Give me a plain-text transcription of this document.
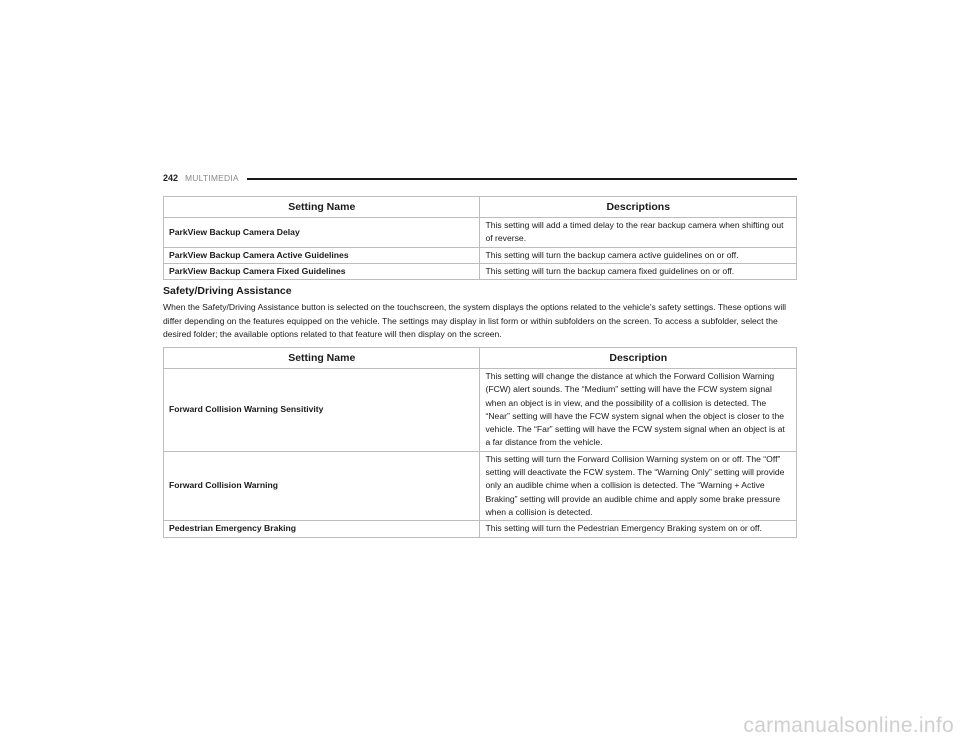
242 MULTIMEDIA
Setting Name	Descriptions
ParkView Backup Camera Delay	This setting will add a timed delay to the rear backup camera when shifting out of reverse.
ParkView Backup Camera Active Guidelines	This setting will turn the backup camera active guidelines on or off.
ParkView Backup Camera Fixed Guidelines	This setting will turn the backup camera fixed guidelines on or off.
Safety/Driving Assistance
When the Safety/Driving Assistance button is selected on the touchscreen, the system displays the options related to the vehicle’s safety settings. These options will differ depending on the features equipped on the vehicle. The settings may display in list form or within subfolders on the screen. To access a subfolder, select the desired folder; the available options related to that feature will then display on the screen.
Setting Name	Description
Forward Collision Warning Sensitivity	This setting will change the distance at which the Forward Collision Warning (FCW) alert sounds. The “Medium” setting will have the FCW system signal when an object is in view, and the possibility of a collision is detected. The “Near” setting will have the FCW system signal when the object is closer to the vehicle. The “Far” setting will have the FCW system signal when an object is at a far distance from the vehicle.
Forward Collision Warning	This setting will turn the Forward Collision Warning system on or off. The “Off” setting will deactivate the FCW system. The “Warning Only” setting will provide only an audible chime when a collision is detected. The “Warning + Active Braking” setting will provide an audible chime and apply some brake pressure when a collision is detected.
Pedestrian Emergency Braking	This setting will turn the Pedestrian Emergency Braking system on or off.
carmanualsonline.info
